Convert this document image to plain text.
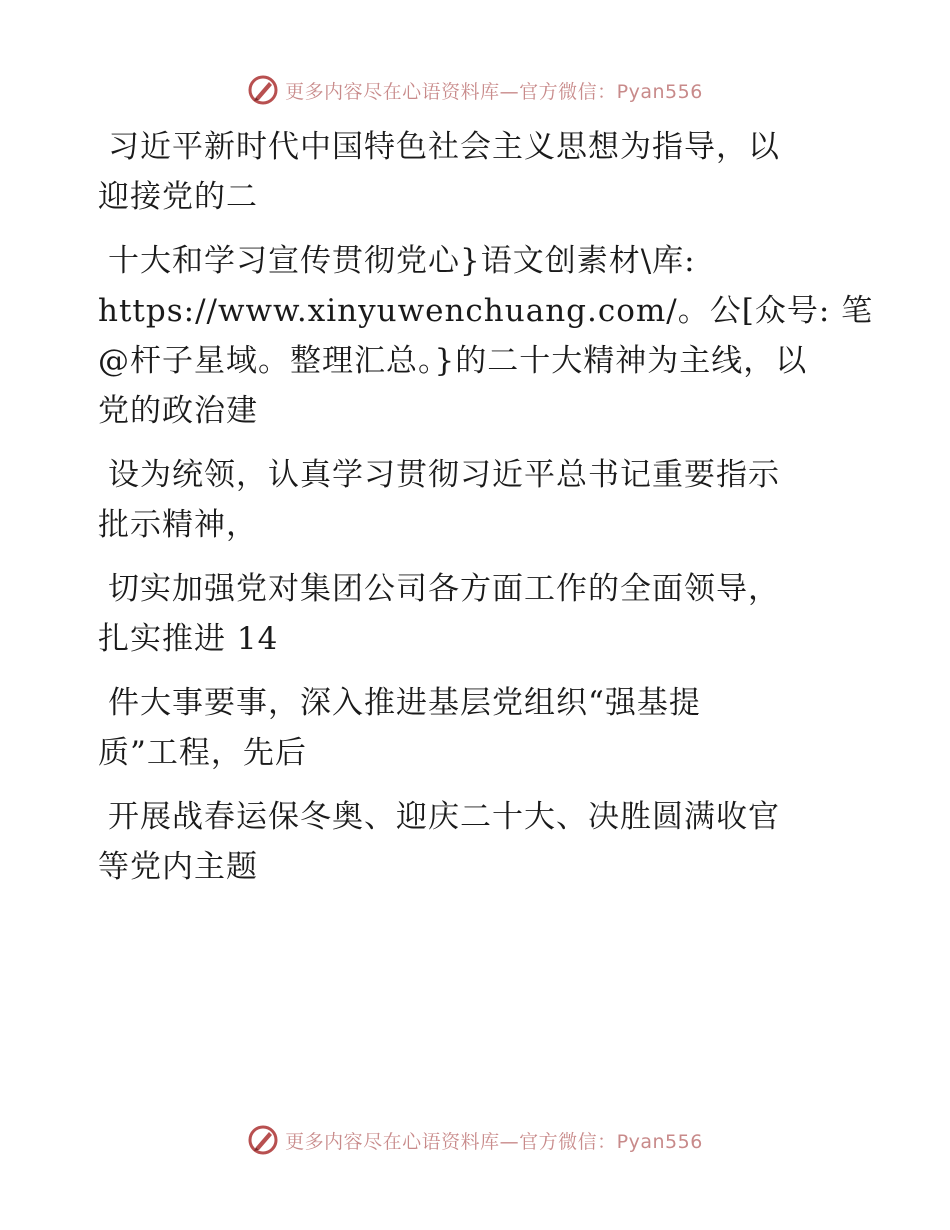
更多内容尽在心语资料库—官方微信：Pyan556
习近平新时代中国特色社会主义思想为指导，以
迎接党的二
十大和学习宣传贯彻党心}语文创素材\库:
https://www.xinyuwenchuang.com/。公[众号: 笔
@杆子星域。整理汇总。}的二十大精神为主线，以
党的政治建
设为统领，认真学习贯彻习近平总书记重要指示
批示精神，
切实加强党对集团公司各方面工作的全面领导，
扎实推进 14
件大事要事，深入推进基层党组织“强基提
质”工程，先后
开展战春运保冬奥、迎庆二十大、决胜圆满收官
等党内主题
更多内容尽在心语资料库—官方微信：Pyan556
